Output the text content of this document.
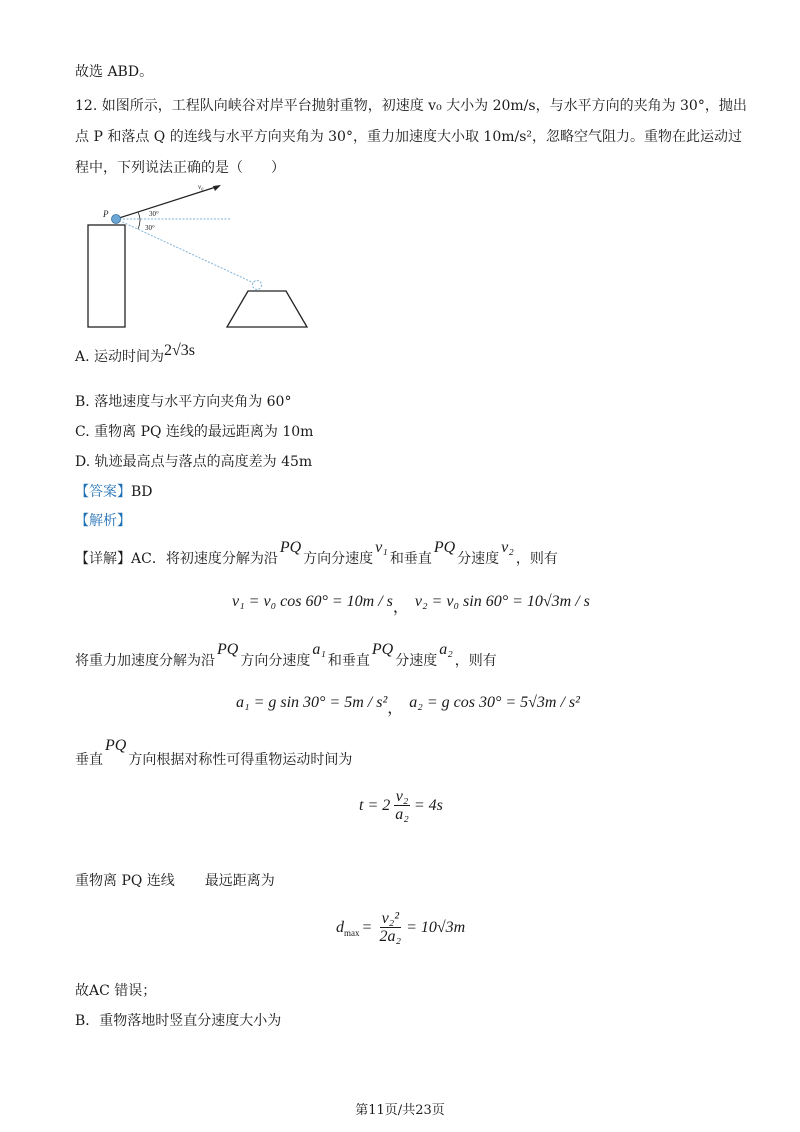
故选 ABD。
12. 如图所示，工程队向峡谷对岸平台抛射重物，初速度 v₀ 大小为 20m/s，与水平方向的夹角为 30°，抛出
点 P 和落点 Q 的连线与水平方向夹角为 30°，重力加速度大小取 10m/s²，忽略空气阻力。重物在此运动过
程中，下列说法正确的是（　　）
P
v₀
30°
30°
A. 运动时间为2√3s
B. 落地速度与水平方向夹角为 60°
C. 重物离 PQ 连线的最远距离为 10m
D. 轨迹最高点与落点的高度差为 45m
【答案】BD
【解析】
【详解】AC．将初速度分解为沿PQ方向分速度v₁和垂直PQ分速度v₂，则有
v₁ = v₀ cos 60° = 10m / s， v₂ = v₀ sin 60° = 10√3m / s
将重力加速度分解为沿PQ方向分速度a₁和垂直PQ分速度a₂，则有
a₁ = g sin 30° = 5m / s²， a₂ = g cos 30° = 5√3m / s²
垂直PQ方向根据对称性可得重物运动时间为
$t = 2 \frac{\text{v₂}}{\text{a₂}} = 4s$
重物离 PQ 连线 最远距离为
d $\max = \frac{\text{v₂²}}{\text{2a₂}} = 10√3m$
故AC 错误；
B．重物落地时竖直分速度大小为
第11页/共23页
